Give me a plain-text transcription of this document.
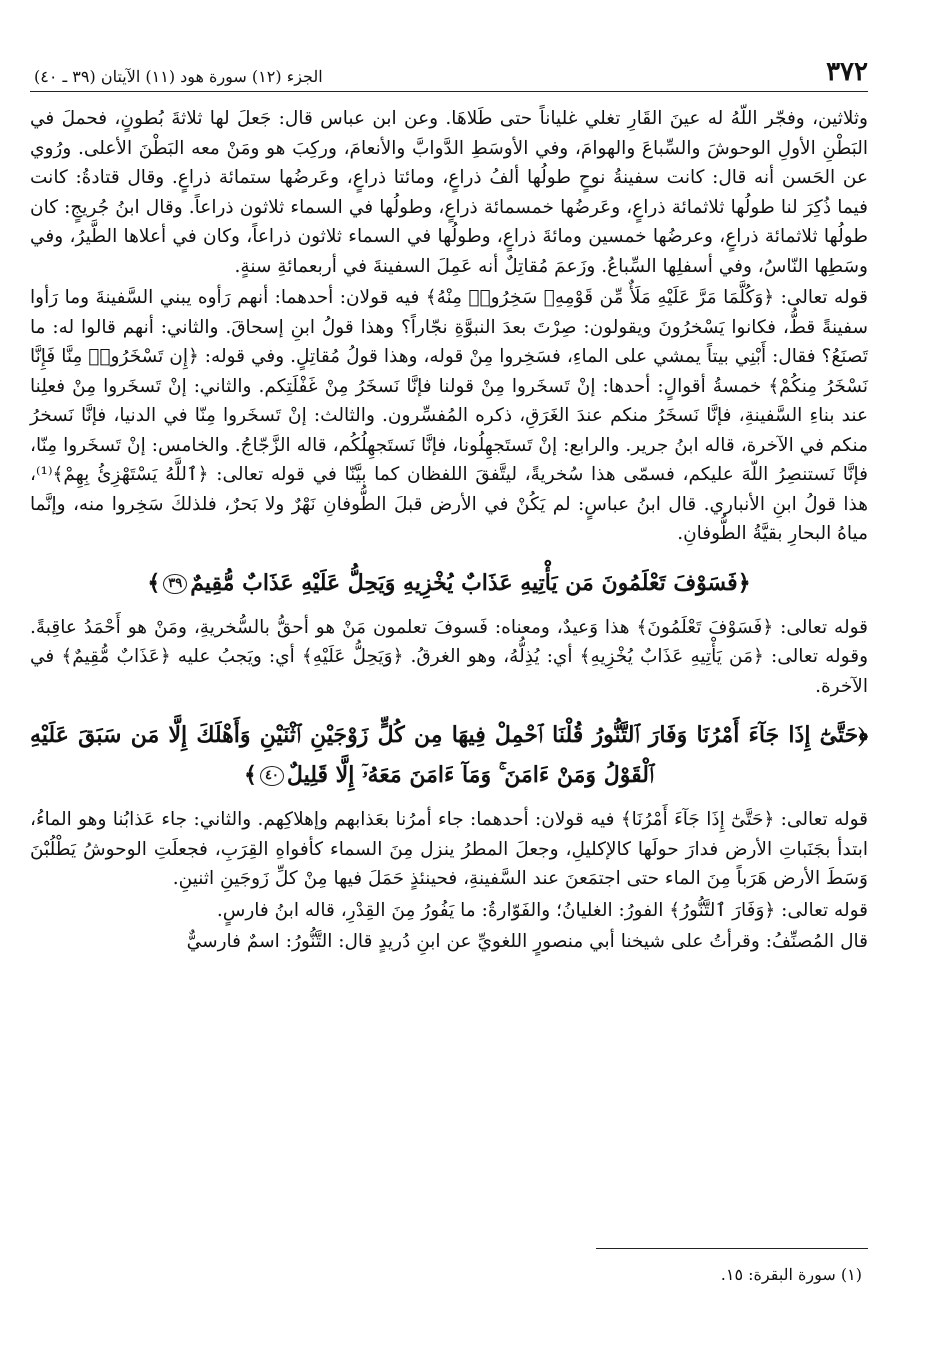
٣٧٢
الجزء (١٢) سورة هود (١١) الآيتان (٣٩ ـ ٤٠)

وثلاثين، وفجّر اللّهُ له عينَ القَارِ تغلي غلياناً حتى طَلاهَا. وعن ابن عباس قال: جَعلَ لها ثلاثةَ بُطونٍ، فحملَ في البَطْنِ الأولِ الوحوشَ والسِّباعَ والهوامَ، وفي الأوسَطِ الدَّوابَّ والأنعامَ، وركِبَ هو ومَنْ معه البَطْنَ الأعلى. ورُوي عن الحَسن أنه قال: كانت سفينةُ نوحٍ طولُها ألفُ ذراعٍ، ومائتا ذراعٍ، وعَرضُها ستمائة ذراعٍ. وقال قتادةُ: كانت فيما ذُكِرَ لنا طولُها ثلاثمائة ذراعٍ، وعَرضُها خمسمائة ذراعٍ، وطولُها في السماء ثلاثون ذراعاً. وقال ابنُ جُريجٍ: كان طولُها ثلاثمائة ذراعٍ، وعرضُها خمسين ومائةَ ذراعٍ، وطولُها في السماء ثلاثون ذراعاً، وكان في أعلاها الطَّيرُ، وفي وسَطِها النّاسُ، وفي أسفلِها السِّباعُ. وزَعمَ مُقاتِلٌ أنه عَمِلَ السفينةَ في أربعمائةِ سنةٍ.

قوله تعالى: ﴿وَكُلَّمَا مَرَّ عَلَيْهِ مَلَأٌ مِّن قَوْمِهِۦ سَخِرُوا۟ مِنْهُ﴾ فيه قولان: أحدهما: أنهم رَأوه يبني السَّفينةَ وما رَأوا سفينةً قطُّ، فكانوا يَسْخرُونَ ويقولون: صِرْتَ بعدَ النبوَّةِ نجّاراً؟ وهذا قولُ ابنِ إسحاقَ. والثاني: أنهم قالوا له: ما تَصنَعُ؟ فقال: أَبْنِي بيتاً يمشي على الماءِ، فسَخِروا مِنْ قوله، وهذا قولُ مُقاتِلٍ. وفي قوله: ﴿إِن تَسْخَرُوا۟ مِنَّا فَإِنَّا نَسْخَرُ مِنكُمْ﴾ خمسةُ أقوالٍ: أحدها: إنْ تَسخَروا مِنْ قولنا فإنَّا نَسخَرُ مِنْ غَفْلَتِكم. والثاني: إنْ تَسخَروا مِنْ فعلِنا عند بناءِ السَّفينةِ، فإنَّا نَسخَرُ منكم عندَ الغَرَقِ، ذكره المُفسِّرون. والثالث: إنْ تَسخَروا مِنّا في الدنيا، فإنَّا نَسخرُ منكم في الآخرة، قاله ابنُ جرير. والرابع: إنْ تَستَجهِلُونا، فإنَّا نَستَجهِلُكُم، قاله الزَّجّاجُ. والخامس: إنْ تَسخَروا مِنّا، فإنَّا نَستنصِرُ اللّهَ عليكم، فسمّى هذا سُخريةً، ليتَّفقَ اللفظان كما بيَّنّا في قوله تعالى: ﴿ٱللَّهُ يَسْتَهْزِئُ بِهِمْ﴾⁽¹⁾، هذا قولُ ابنِ الأنباري. قال ابنُ عباسٍ: لم يَكُنْ في الأرض قبلَ الطُّوفانِ نَهْرٌ ولا بَحرٌ، فلذلكَ سَخِروا منه، وإنَّما مياهُ البحارِ بقيَّةُ الطُّوفانِ.

﴿فَسَوْفَ تَعْلَمُونَ مَن يَأْتِيهِ عَذَابٌ يُخْزِيهِ وَيَحِلُّ عَلَيْهِ عَذَابٌ مُّقِيمٌ٣٩﴾

قوله تعالى: ﴿فَسَوْفَ تَعْلَمُونَ﴾ هذا وَعيدٌ، ومعناه: فَسوفَ تعلمون مَنْ هو أحقُّ بالسُّخريةِ، ومَنْ هو أَحْمَدُ عاقِبةً. وقوله تعالى: ﴿مَن يَأْتِيهِ عَذَابٌ يُخْزِيهِ﴾ أي: يُذِلُّهُ، وهو الغرقُ. ﴿وَيَحِلُّ عَلَيْهِ﴾ أي: ويَجبُ عليه ﴿عَذَابٌ مُّقِيمٌ﴾ في الآخرة.

﴿حَتَّىٰٓ إِذَا جَآءَ أَمْرُنَا وَفَارَ ٱلتَّنُّورُ قُلْنَا ٱحْمِلْ فِيهَا مِن كُلٍّ زَوْجَيْنِ ٱثْنَيْنِ وَأَهْلَكَ إِلَّا مَن سَبَقَ عَلَيْهِ ٱلْقَوْلُ وَمَنْ ءَامَنَ ۚ وَمَآ ءَامَنَ مَعَهُۥٓ إِلَّا قَلِيلٌ٤٠﴾

قوله تعالى: ﴿حَتَّىٰٓ إِذَا جَآءَ أَمْرُنَا﴾ فيه قولان: أحدهما: جاء أمرُنا بعَذابهم وإهلاكِهم. والثاني: جاء عَذابُنا وهو الماءُ، ابتدأ بجَنَباتِ الأرض فدارَ حولَها كالإكليلِ، وجعلَ المطرُ ينزل مِنَ السماء كأفواهِ القِرَبِ، فجعلَتِ الوحوشُ يَطْلُبْنَ وَسَطَ الأرض هَرَباً مِنَ الماء حتى اجتمَعنَ عند السَّفينةِ، فحينئذٍ حَمَلَ فيها مِنْ كلِّ زَوجَينِ اثنينِ.

قوله تعالى: ﴿وَفَارَ ٱلتَّنُّورُ﴾ الفورُ: الغليانُ؛ والفَوّارةُ: ما يَفُورُ مِنَ القِدْرِ، قاله ابنُ فارسٍ.

قال المُصنِّفُ: وقرأتُ على شيخنا أبي منصورٍ اللغويِّ عن ابنِ دُريدٍ قال: التَّنُّورُ: اسمٌ فارسيٌّ

(١) سورة البقرة: ١٥.
